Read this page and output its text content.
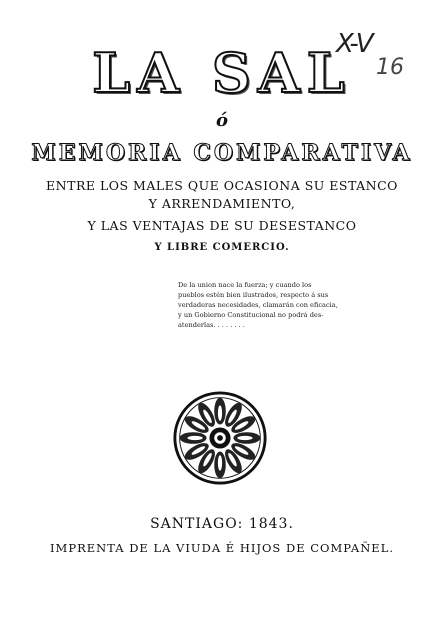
LA SAL
X-V
16
ó
MEMORIA COMPARATIVA
ENTRE LOS MALES QUE OCASIONA SU ESTANCO
Y ARRENDAMIENTO,
Y LAS VENTAJAS DE SU DESESTANCO
Y LIBRE COMERCIO.
De la union nace la fuerza; y cuando los
pueblos estén bien ilustrados, respecto á sus
verdaderas necesidades, clamarán con eficacia,
y un Gobierno Constitucional no podrá des-
atenderlas. . . . . . . .
SANTIAGO: 1843.
IMPRENTA DE LA VIUDA É HIJOS DE COMPAÑEL.
